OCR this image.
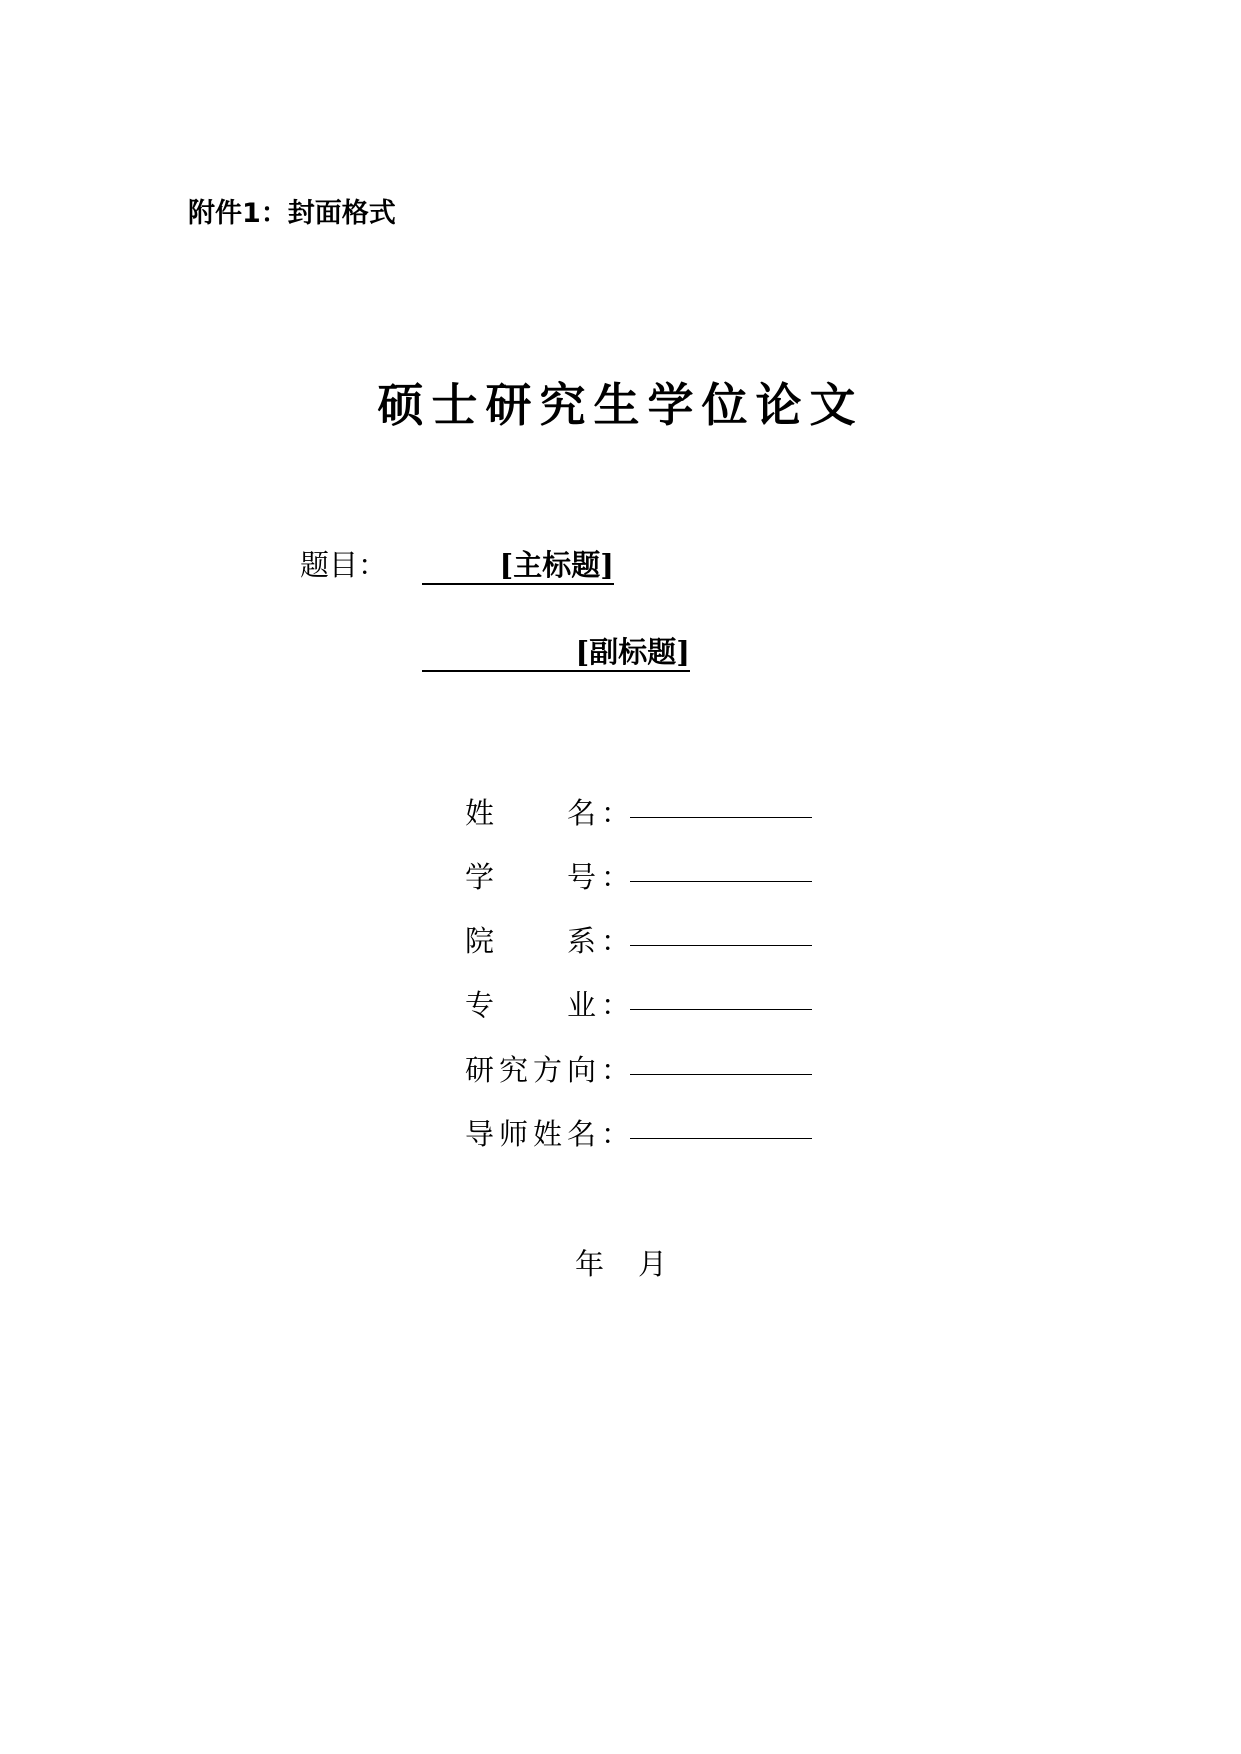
附件1：封面格式
硕士研究生学位论文
题目：	[主标题]
[副标题]
姓　　名：
学　　号：
院　　系：
专　　业：
研究方向：
导师姓名：
年 月
